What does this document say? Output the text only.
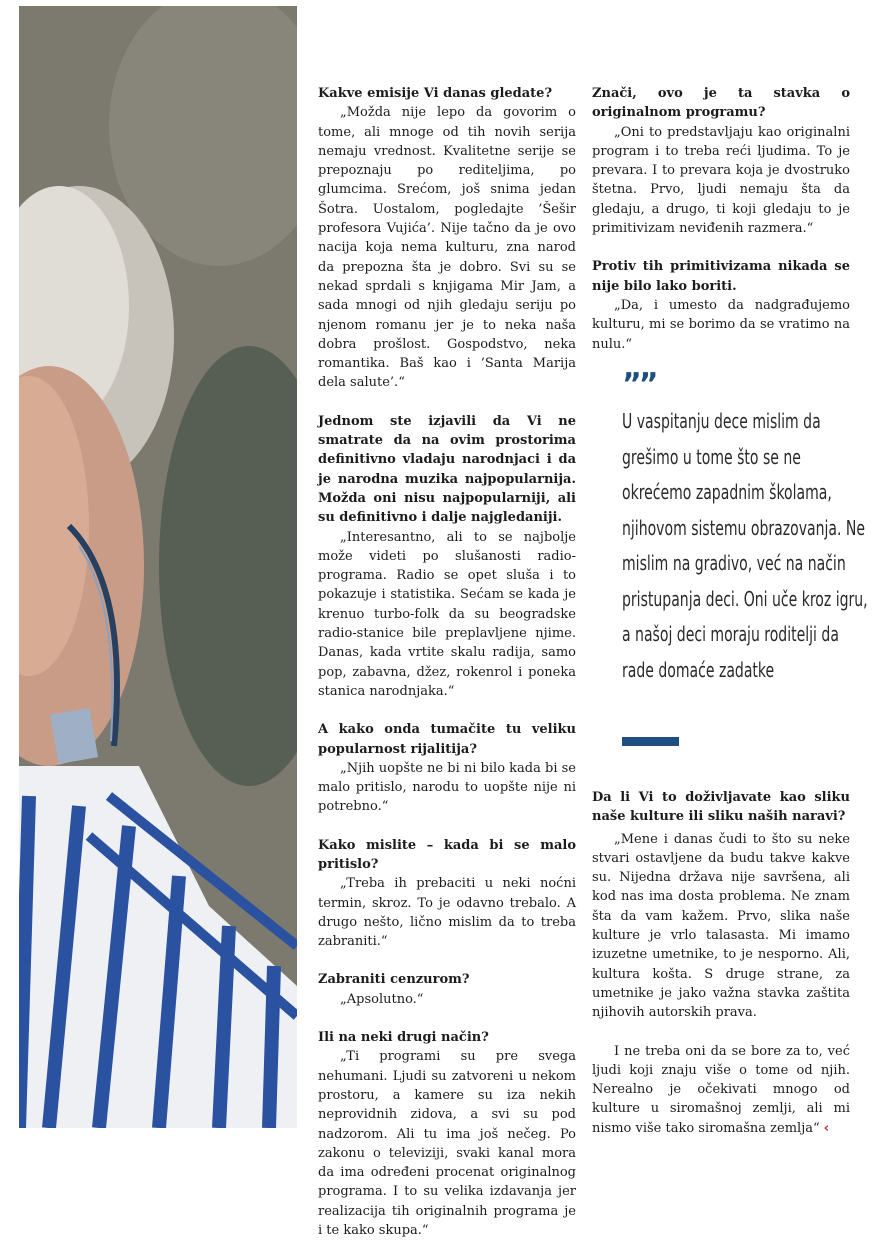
Kakve emisije Vi danas gledate?

„Možda nije lepo da govorim o tome, ali mnoge od tih novih serija nemaju vrednost. Kvalitetne serije se prepoznaju po rediteljima, po glumcima. Srećom, još snima jedan Šotra. Uostalom, pogledajte ’Šešir profesora Vujića’. Nije tačno da je ovo nacija koja nema kulturu, zna narod da prepozna šta je dobro. Svi su se nekad sprdali s knjigama Mir Jam, a sada mnogi od njih gledaju seriju po njenom romanu jer je to neka naša dobra prošlost. Gospodstvo, neka romantika. Baš kao i ’Santa Marija dela salute’.“

Jednom ste izjavili da Vi ne smatrate da na ovim prostorima definitivno vladaju narodnjaci i da je narodna muzika najpopularnija. Možda oni nisu najpopularniji, ali su definitivno i dalje najgledaniji.

„Interesantno, ali to se najbolje može videti po slušanosti radio-programa. Radio se opet sluša i to pokazuje i statistika. Sećam se kada je krenuo turbo-folk da su beogradske radio-stanice bile preplavljene njime. Danas, kada vrtite skalu radija, samo pop, zabavna, džez, rokenrol i poneka stanica narodnjaka.“

A kako onda tumačite tu veliku popularnost rijalitija?

„Njih uopšte ne bi ni bilo kada bi se malo pritislo, narodu to uopšte nije ni potrebno.“

Kako mislite – kada bi se malo pritislo?

„Treba ih prebaciti u neki noćni termin, skroz. To je odavno trebalo. A drugo nešto, lično mislim da to treba zabraniti.“

Zabraniti cenzurom?

„Apsolutno.“

Ili na neki drugi način?

„Ti programi su pre svega nehumani. Ljudi su zatvoreni u nekom prostoru, a kamere su iza nekih neprovidnih zidova, a svi su pod nadzorom. Ali tu ima još nečeg. Po zakonu o televiziji, svaki kanal mora da ima određeni procenat originalnog programa. I to su velika izdavanja jer realizacija tih originalnih programa je i te kako skupa.“

Znači, ovo je ta stavka o originalnom programu?

„Oni to predstavljaju kao originalni program i to treba reći ljudima. To je prevara. I to prevara koja je dvostruko štetna. Prvo, ljudi nemaju šta da gledaju, a drugo, ti koji gledaju to je primitivizam neviđenih razmera.“

Protiv tih primitivizama nikada se nije bilo lako boriti.

„Da, i umesto da nadgrađujemo kulturu, mi se borimo da se vratimo na nulu.“

””
U vaspitanju dece mislim da grešimo u tome što se ne okrećemo zapadnim školama, njihovom sistemu obrazovanja. Ne mislim na gradivo, već na način pristupanja deci. Oni uče kroz igru, a našoj deci moraju roditelji da rade domaće zadatke

Da li Vi to doživljavate kao sliku naše kulture ili sliku naših naravi?

„Mene i danas čudi to što su neke stvari ostavljene da budu takve kakve su. Nijedna država nije savršena, ali kod nas ima dosta problema. Ne znam šta da vam kažem. Prvo, slika naše kulture je vrlo talasasta. Mi imamo izuzetne umetnike, to je nesporno. Ali, kultura košta. S druge strane, za umetnike je jako važna stavka zaštita njihovih autorskih prava.

I ne treba oni da se bore za to, već ljudi koji znaju više o tome od njih. Nerealno je očekivati mnogo od kulture u siromašnoj zemlji, ali mi nismo više tako siromašna zemlja“ ‹
